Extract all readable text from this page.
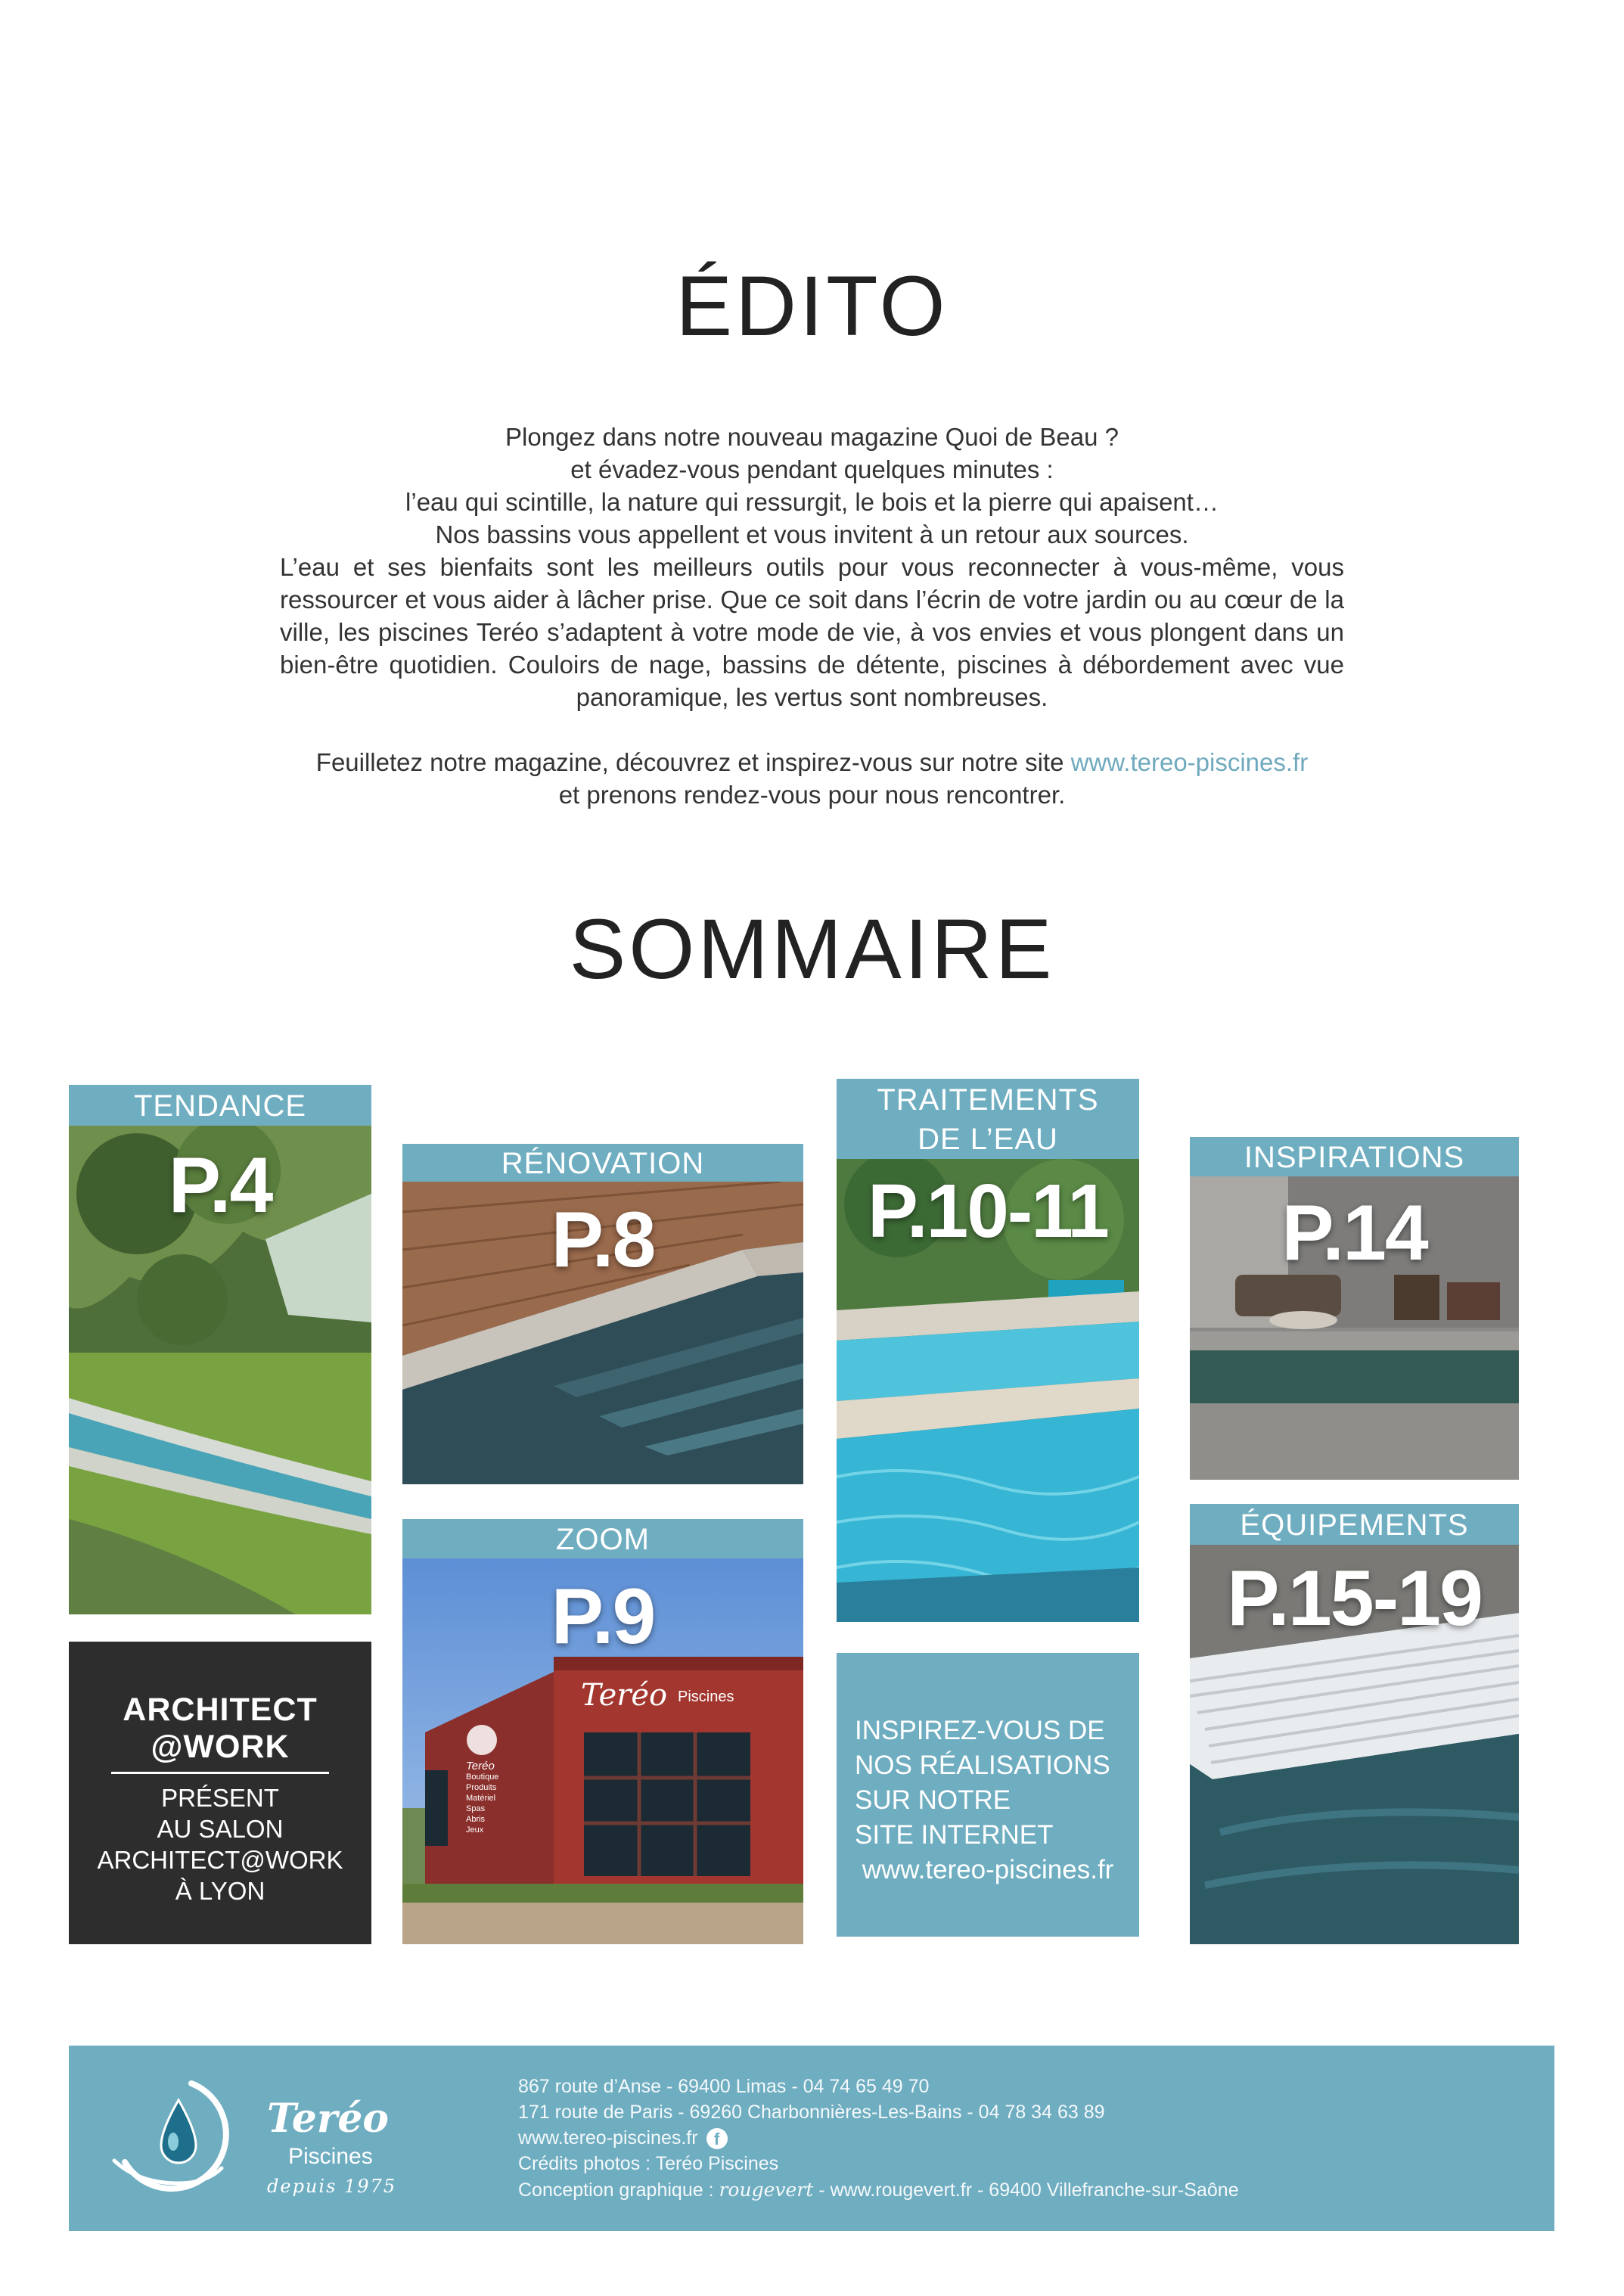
ÉDITO

Plongez dans notre nouveau magazine Quoi de Beau ?

et évadez-vous pendant quelques minutes :

l’eau qui scintille, la nature qui ressurgit, le bois et la pierre qui apaisent…

Nos bassins vous appellent et vous invitent à un retour aux sources.

L’eau et ses bienfaits sont les meilleurs outils pour vous reconnecter à vous-même, vous ressourcer et vous aider à lâcher prise. Que ce soit dans l’écrin de votre jardin ou au cœur de la ville, les piscines Teréo s’adaptent à votre mode de vie, à vos envies et vous plongent dans un bien-être quotidien. Couloirs de nage, bassins de détente, piscines à débordement avec vue panoramique, les vertus sont nombreuses.

Feuilletez notre magazine, découvrez et inspirez-vous sur notre site www.tereo-piscines.fr

et prenons rendez-vous pour nous rencontrer.

SOMMAIRE
TENDANCE
P.4
ARCHITECT
@WORK
PRÉSENT
AU SALON
ARCHITECT@WORK
À LYON
RÉNOVATION
P.8
ZOOM
Teréo Piscines
Teréo
Boutique
Produits
Matériel
Spas
Abris
Jeux
P.9
TRAITEMENTS
DE L’EAU
P.10-11
INSPIREZ-VOUS DE
NOS RÉALISATIONS
SUR NOTRE
SITE INTERNET
www.tereo-piscines.fr
INSPIRATIONS
P.14
ÉQUIPEMENTS
P.15-19
Teréo
Piscines
depuis 1975
867 route d’Anse - 69400 Limas - 04 74 65 49 70
171 route de Paris - 69260 Charbonnières-Les-Bains - 04 78 34 63 89
www.tereo-piscines.fr f
Crédits photos : Teréo Piscines
Conception graphique : rougevert - www.rougevert.fr - 69400 Villefranche-sur-Saône
